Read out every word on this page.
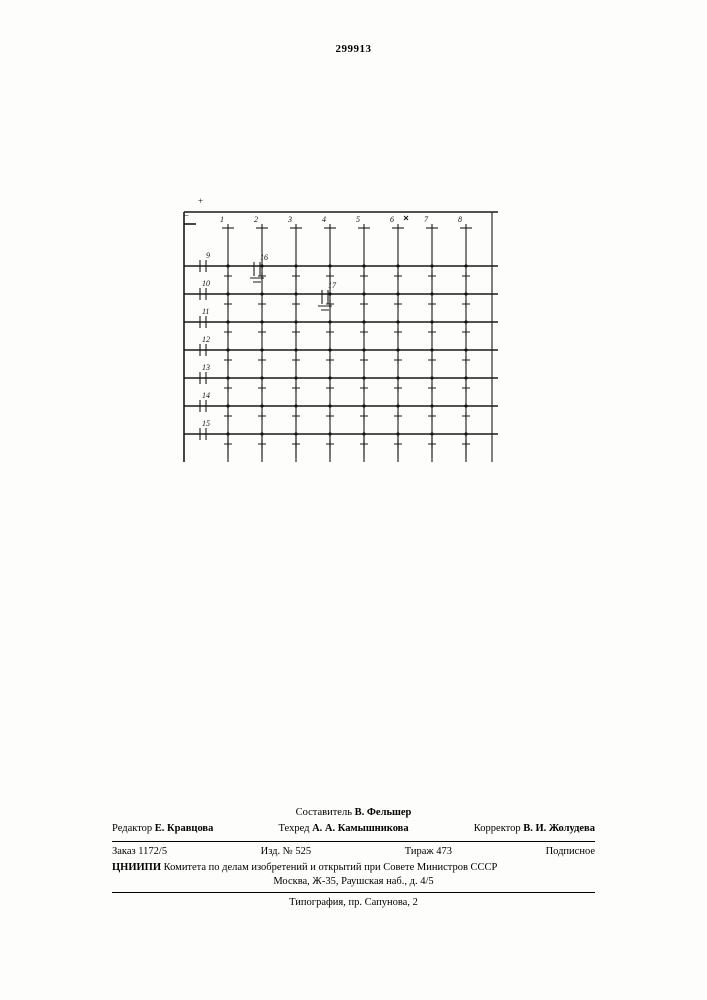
299913
1	2	3	4	5	6	7	8
+
–
9
10
11
12
13
14
15
16
17
Составитель В. Фельшер
Редактор Е. Кравцова	Техред А. А. Камышникова	Корректор В. И. Жолудева
Заказ 1172/5	Изд. № 525	Тираж 473	Подписное
ЦНИИПИ Комитета по делам изобретений и открытий при Совете Министров СССР
Москва, Ж-35, Раушская наб., д. 4/5
Типография, пр. Сапунова, 2
